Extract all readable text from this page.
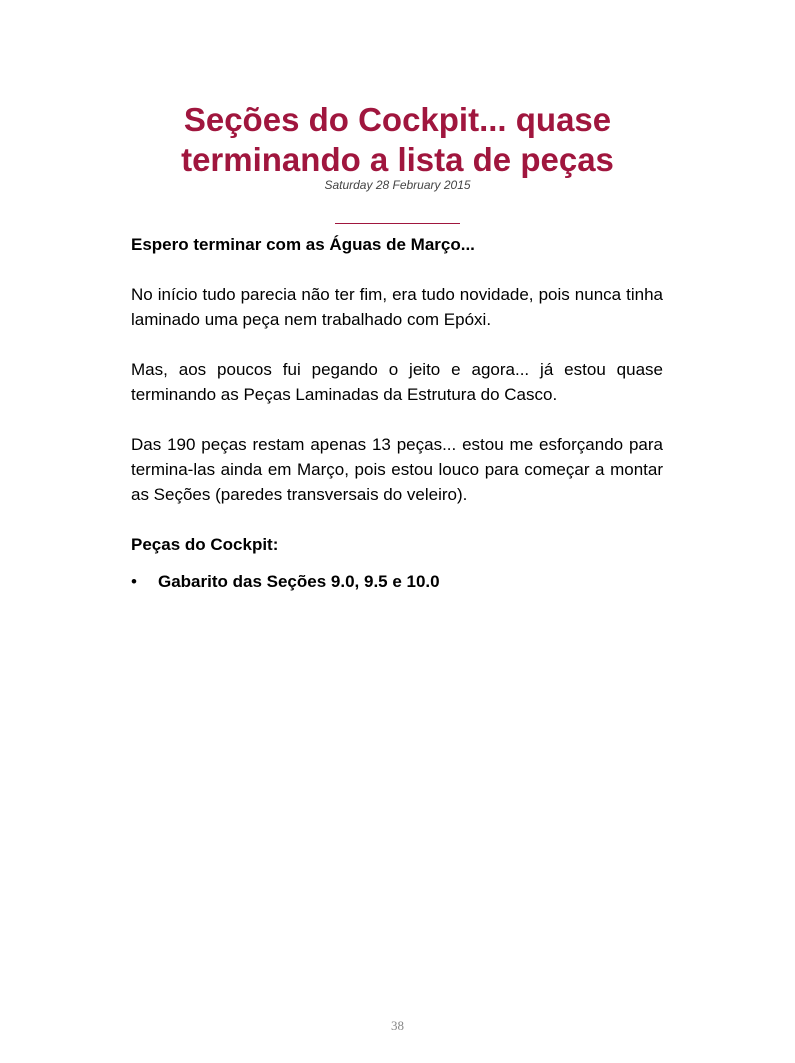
Seções do Cockpit... quase
terminando a lista de peças
Saturday 28 February 2015

Espero terminar com as Águas de Março...

No início tudo parecia não ter fim, era tudo novidade, pois nunca tinha laminado uma peça nem trabalhado com Epóxi.

Mas, aos poucos fui pegando o jeito e agora... já estou quase terminando as Peças Laminadas da Estrutura do Casco.

Das 190 peças restam apenas 13 peças... estou me esforçando para termina-las ainda em Março, pois estou louco para começar a montar as Seções (paredes transversais do veleiro).

Peças do Cockpit:

• Gabarito das Seções 9.0, 9.5 e 10.0
38
